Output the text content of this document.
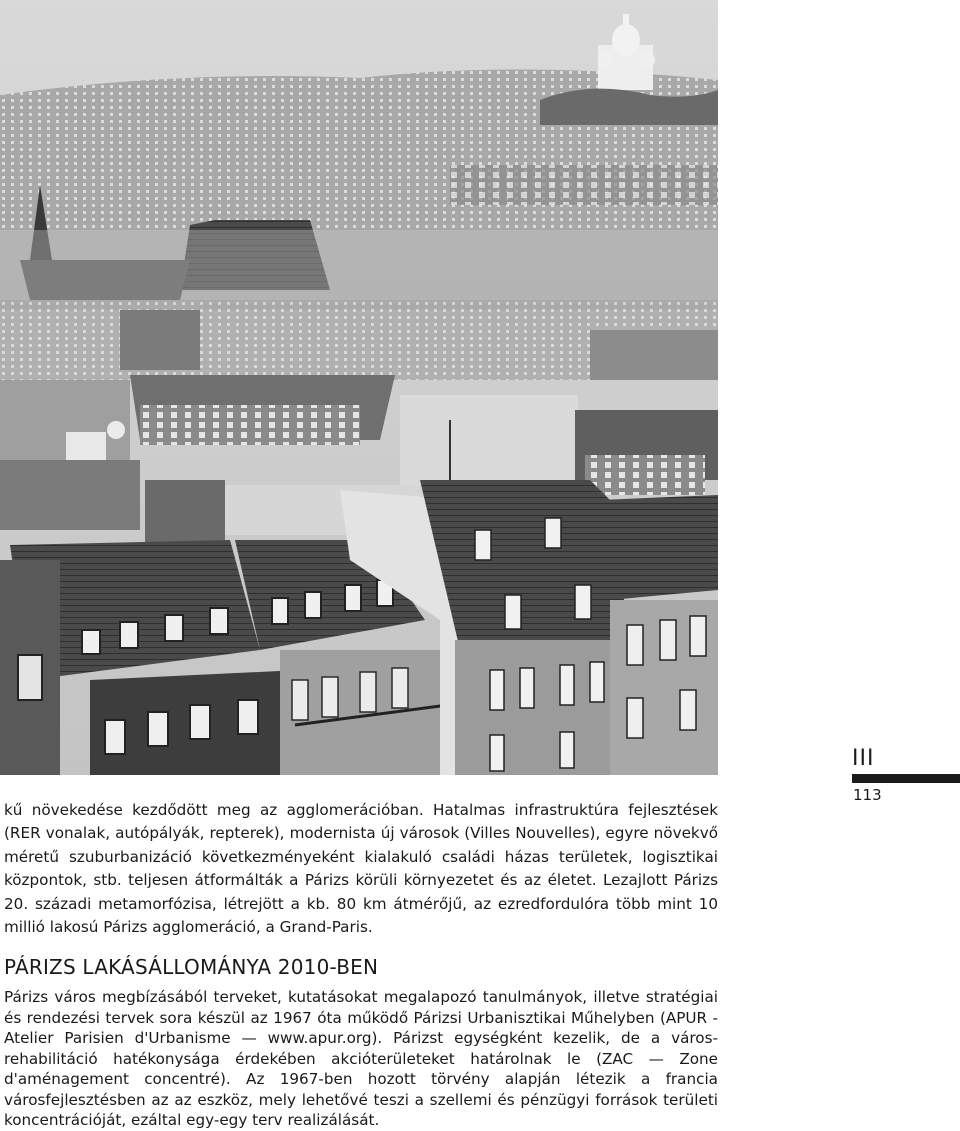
III
113

kű növekedése kezdődött meg az agglomerációban. Hatalmas infrastruktúra fejlesztések (RER vonalak, autópályák, repterek), modernista új városok (Villes Nouvelles), egyre növekvő méretű szuburbanizáció következményeként kialakuló családi házas területek, logisztikai központok, stb. teljesen átformálták a Párizs körüli környezetet és az életet. Lezajlott Párizs 20. századi metamorfózisa, létrejött a kb. 80 km átmérőjű, az ezredfordulóra több mint 10 millió lakosú Párizs agglomeráció, a Grand-Paris.

PÁRIZS LAKÁSÁLLOMÁNYA 2010-BEN

Párizs város megbízásából terveket, kutatásokat megalapozó tanulmányok, illetve stratégiai és rendezési tervek sora készül az 1967 óta működő Párizsi Urbanisztikai Műhelyben (APUR - Atelier Parisien d'Urbanisme — www.apur.org). Párizst egységként kezelik, de a város-rehabilitáció hatékonysága érdekében akcióterületeket határolnak le (ZAC — Zone d'aménagement concentré). Az 1967-ben hozott törvény alapján létezik a francia városfejlesztésben az az eszköz, mely lehetővé teszi a szellemi és pénzügyi források területi koncentrációját, ezáltal egy-egy terv realizálását.
